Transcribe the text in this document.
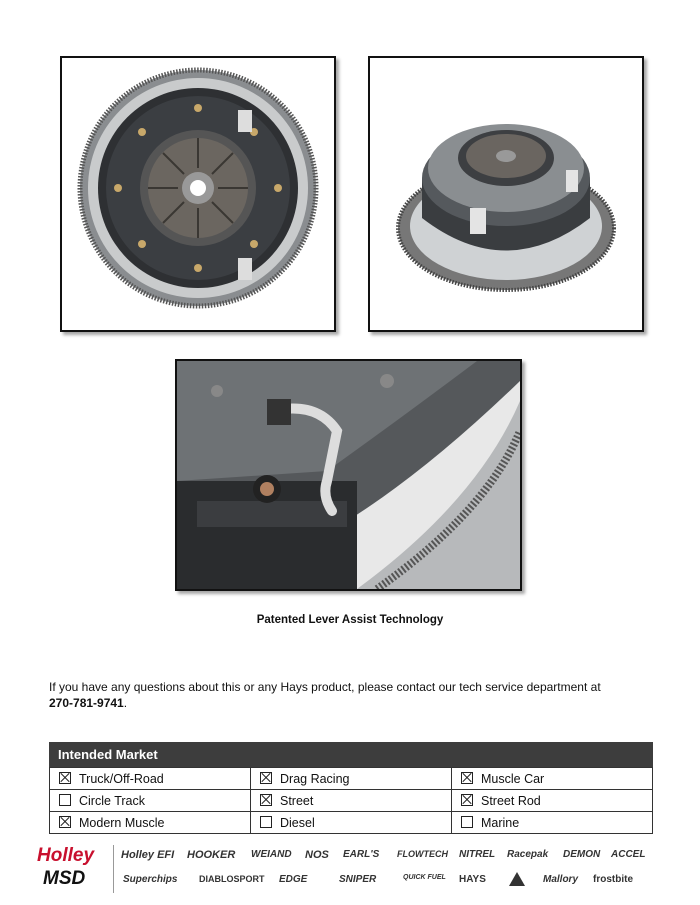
Patented Lever Assist Technology
If you have any questions about this or any Hays product, please contact our tech service department at
270-781-9741.
Intended Market
Truck/Off-Road	Drag Racing	Muscle Car
Circle Track	Street	Street Rod
Modern Muscle	Diesel	Marine
Holley
MSD
Holley EFI HOOKER WEIAND NOS EARL'S FLOWTECH NITREL Racepak DEMON ACCEL
Superchips DIABLOSPORT EDGE	SNIPER	QUICK FUEL HAYS	Mallory frostbite
